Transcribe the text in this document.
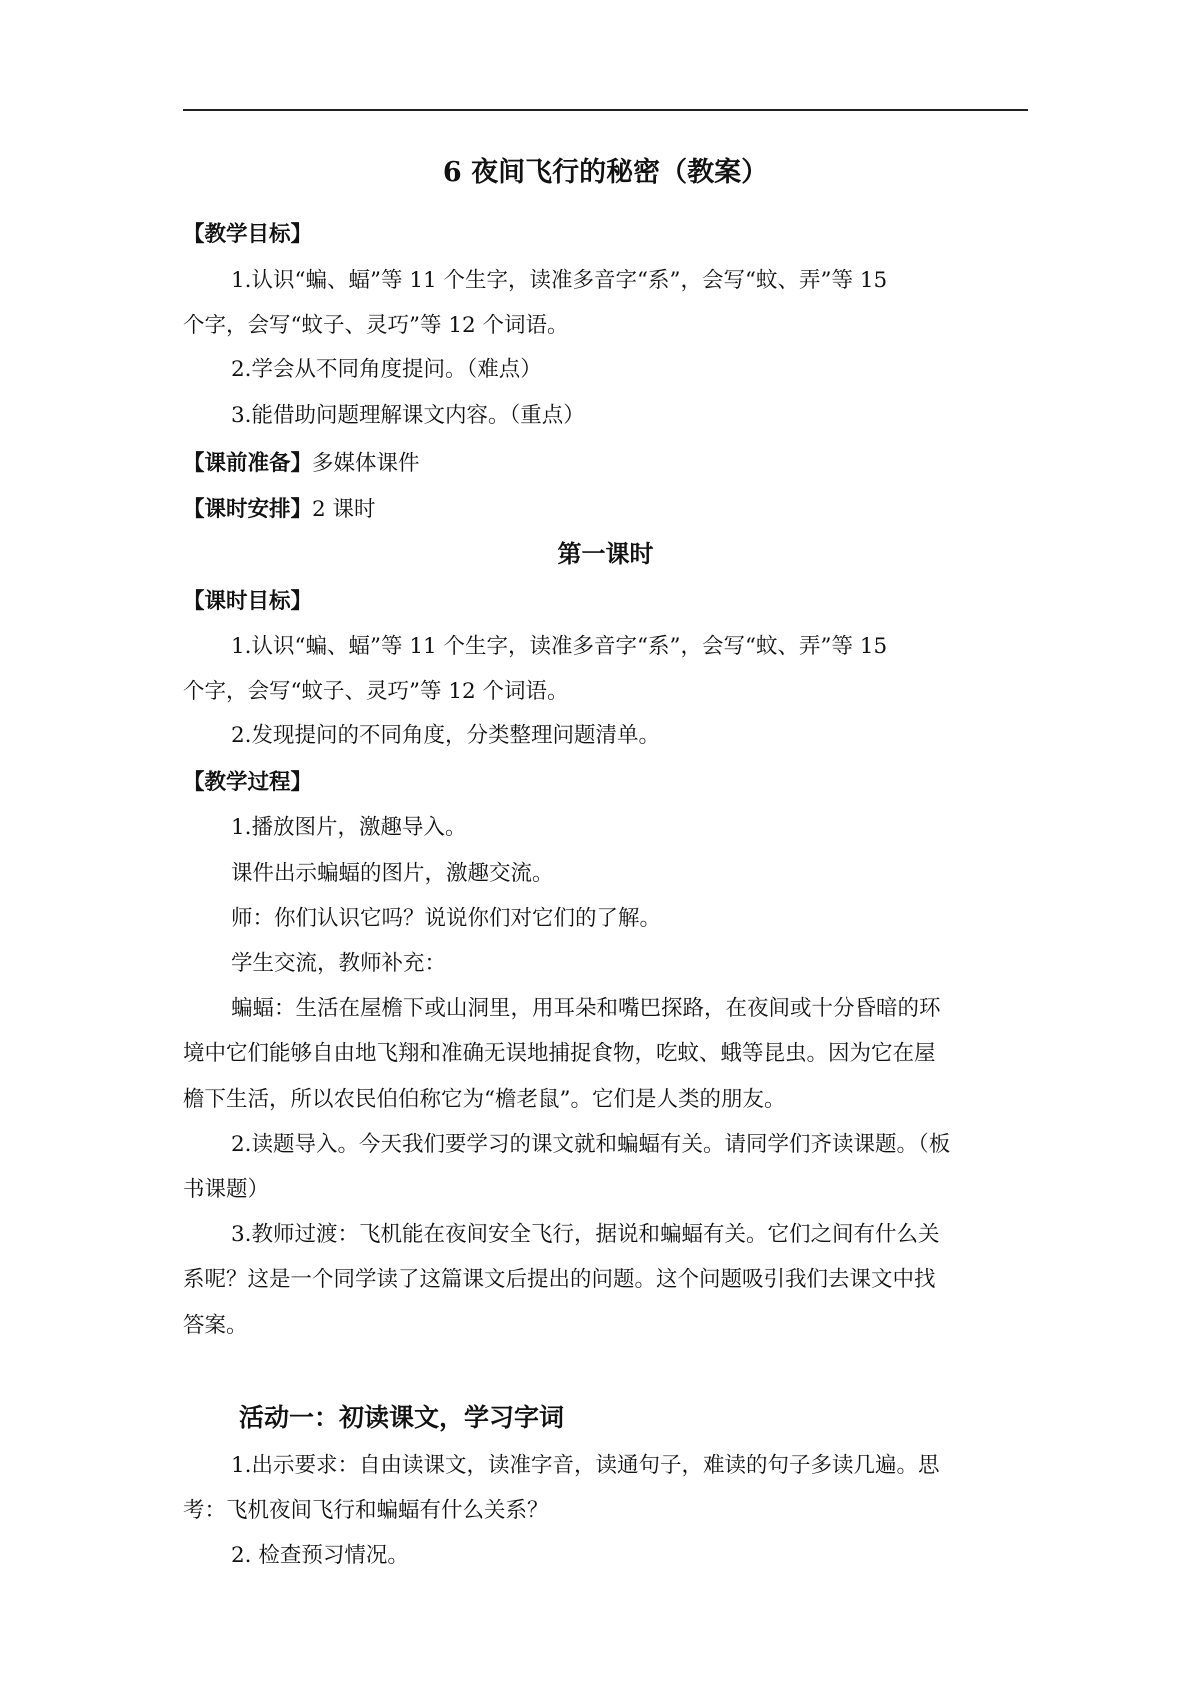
6 夜间飞行的秘密（教案）
【教学目标】
1.认识“蝙、蝠”等 11 个生字，读准多音字“系”，会写“蚊、弄”等 15
个字，会写“蚊子、灵巧”等 12 个词语。
2.学会从不同角度提问。（难点）
3.能借助问题理解课文内容。（重点）
【课前准备】多媒体课件
【课时安排】2 课时
第一课时
【课时目标】
1.认识“蝙、蝠”等 11 个生字，读准多音字“系”，会写“蚊、弄”等 15
个字，会写“蚊子、灵巧”等 12 个词语。
2.发现提问的不同角度，分类整理问题清单。
【教学过程】
1.播放图片，激趣导入。
课件出示蝙蝠的图片，激趣交流。
师：你们认识它吗？说说你们对它们的了解。
学生交流，教师补充：
蝙蝠：生活在屋檐下或山洞里，用耳朵和嘴巴探路，在夜间或十分昏暗的环
境中它们能够自由地飞翔和准确无误地捕捉食物，吃蚊、蛾等昆虫。因为它在屋
檐下生活，所以农民伯伯称它为“檐老鼠”。它们是人类的朋友。
2.读题导入。今天我们要学习的课文就和蝙蝠有关。请同学们齐读课题。（板
书课题）
3.教师过渡：飞机能在夜间安全飞行，据说和蝙蝠有关。它们之间有什么关
系呢？这是一个同学读了这篇课文后提出的问题。这个问题吸引我们去课文中找
答案。
活动一：初读课文，学习字词
1.出示要求：自由读课文，读准字音，读通句子，难读的句子多读几遍。思
考：飞机夜间飞行和蝙蝠有什么关系？
2. 检查预习情况。
